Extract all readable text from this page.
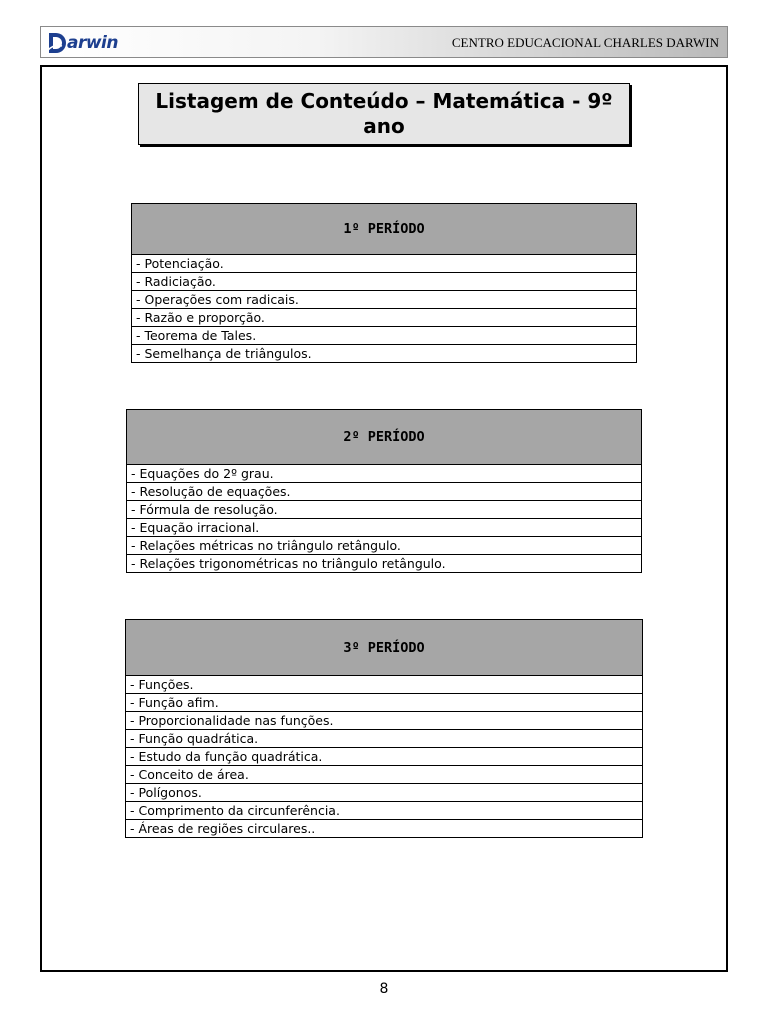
arwin	CENTRO EDUCACIONAL CHARLES DARWIN
Listagem de Conteúdo – Matemática - 9º ano
1º PERÍODO
- Potenciação.
- Radiciação.
- Operações com radicais.
- Razão e proporção.
- Teorema de Tales.
- Semelhança de triângulos.
2º PERÍODO
- Equações do 2º grau.
- Resolução de equações.
- Fórmula de resolução.
- Equação irracional.
- Relações métricas no triângulo retângulo.
- Relações trigonométricas no triângulo retângulo.
3º PERÍODO
- Funções.
- Função afim.
- Proporcionalidade nas funções.
- Função quadrática.
- Estudo da função quadrática.
- Conceito de área.
- Polígonos.
- Comprimento da circunferência.
- Áreas de regiões circulares..
8
